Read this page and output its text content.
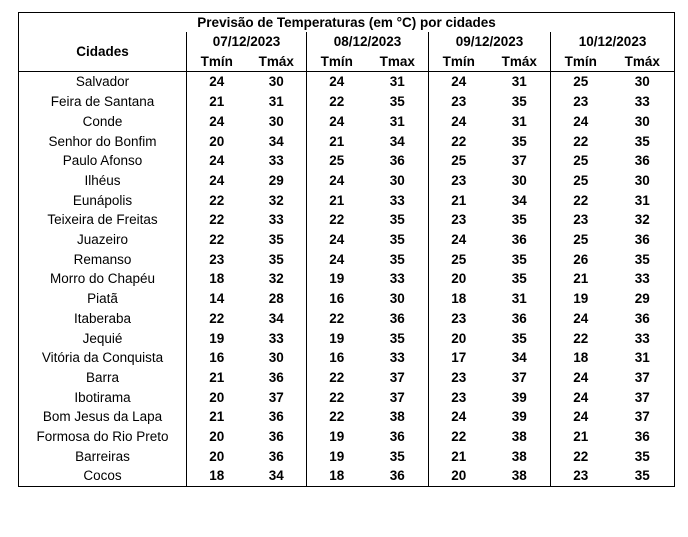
Previsão de Temperaturas (em °C) por cidades								
Cidades	07/12/2023		08/12/2023		09/12/2023		10/12/2023	
	Tmín	Tmáx	Tmín	Tmax	Tmín	Tmáx	Tmín	Tmáx
Salvador	24	30	24	31	24	31	25	30
Feira de Santana	21	31	22	35	23	35	23	33
Conde	24	30	24	31	24	31	24	30
Senhor do Bonfim	20	34	21	34	22	35	22	35
Paulo Afonso	24	33	25	36	25	37	25	36
Ilhéus	24	29	24	30	23	30	25	30
Eunápolis	22	32	21	33	21	34	22	31
Teixeira de Freitas	22	33	22	35	23	35	23	32
Juazeiro	22	35	24	35	24	36	25	36
Remanso	23	35	24	35	25	35	26	35
Morro do Chapéu	18	32	19	33	20	35	21	33
Piatã	14	28	16	30	18	31	19	29
Itaberaba	22	34	22	36	23	36	24	36
Jequié	19	33	19	35	20	35	22	33
Vitória da Conquista	16	30	16	33	17	34	18	31
Barra	21	36	22	37	23	37	24	37
Ibotirama	20	37	22	37	23	39	24	37
Bom Jesus da Lapa	21	36	22	38	24	39	24	37
Formosa do Rio Preto	20	36	19	36	22	38	21	36
Barreiras	20	36	19	35	21	38	22	35
Cocos	18	34	18	36	20	38	23	35
